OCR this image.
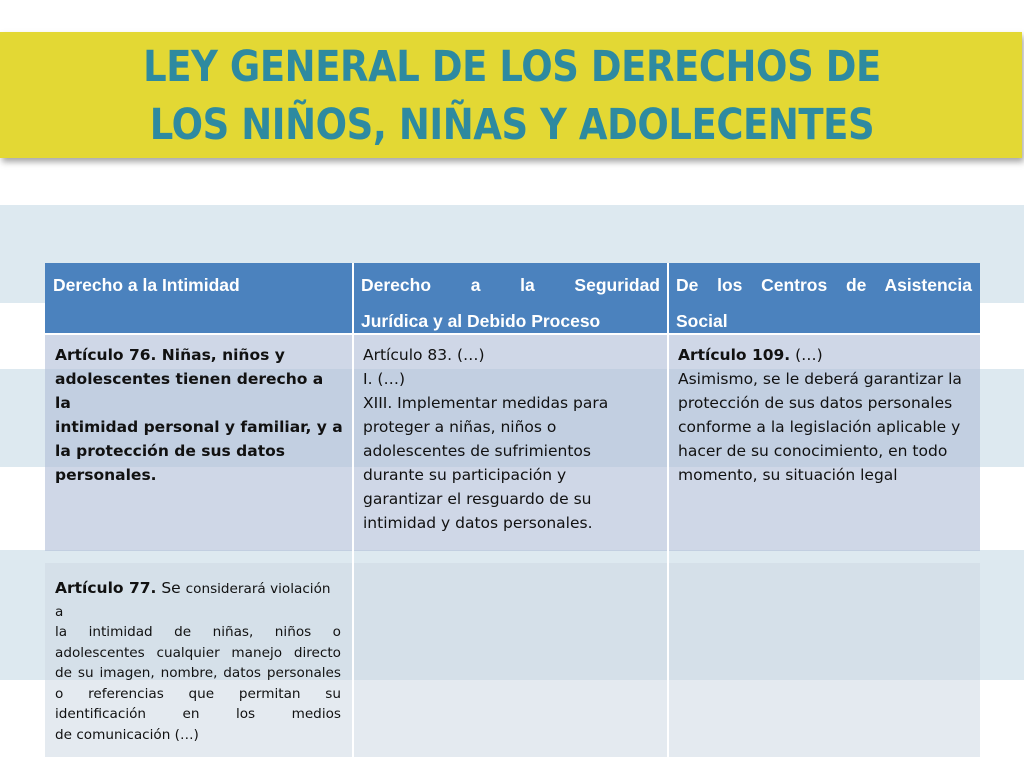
LEY GENERAL DE LOS DERECHOS DE
LOS NIÑOS, NIÑAS Y ADOLECENTES
Derecho a la Intimidad	Derecho a la Seguridad
Jurídica y al Debido Proceso
De los Centros de Asistencia
Social
Artículo 76. Niñas, niños y
adolescentes tienen derecho a la
intimidad personal y familiar, y a
la protección de sus datos
personales.
Artículo 83. (…)
I. (…)
XIII. Implementar medidas para
proteger a niñas, niños o
adolescentes de sufrimientos
durante su participación y
garantizar el resguardo de su
intimidad y datos personales.
Artículo 109. (…)
Asimismo, se le deberá garantizar la
protección de sus datos personales
conforme a la legislación aplicable y
hacer de su conocimiento, en todo
momento, su situación legal
Artículo 77. Se considerará violación a
la intimidad de niñas, niños o
adolescentes cualquier manejo directo
de su imagen, nombre, datos personales
o referencias que permitan su
identificación en los medios
de comunicación (…)
